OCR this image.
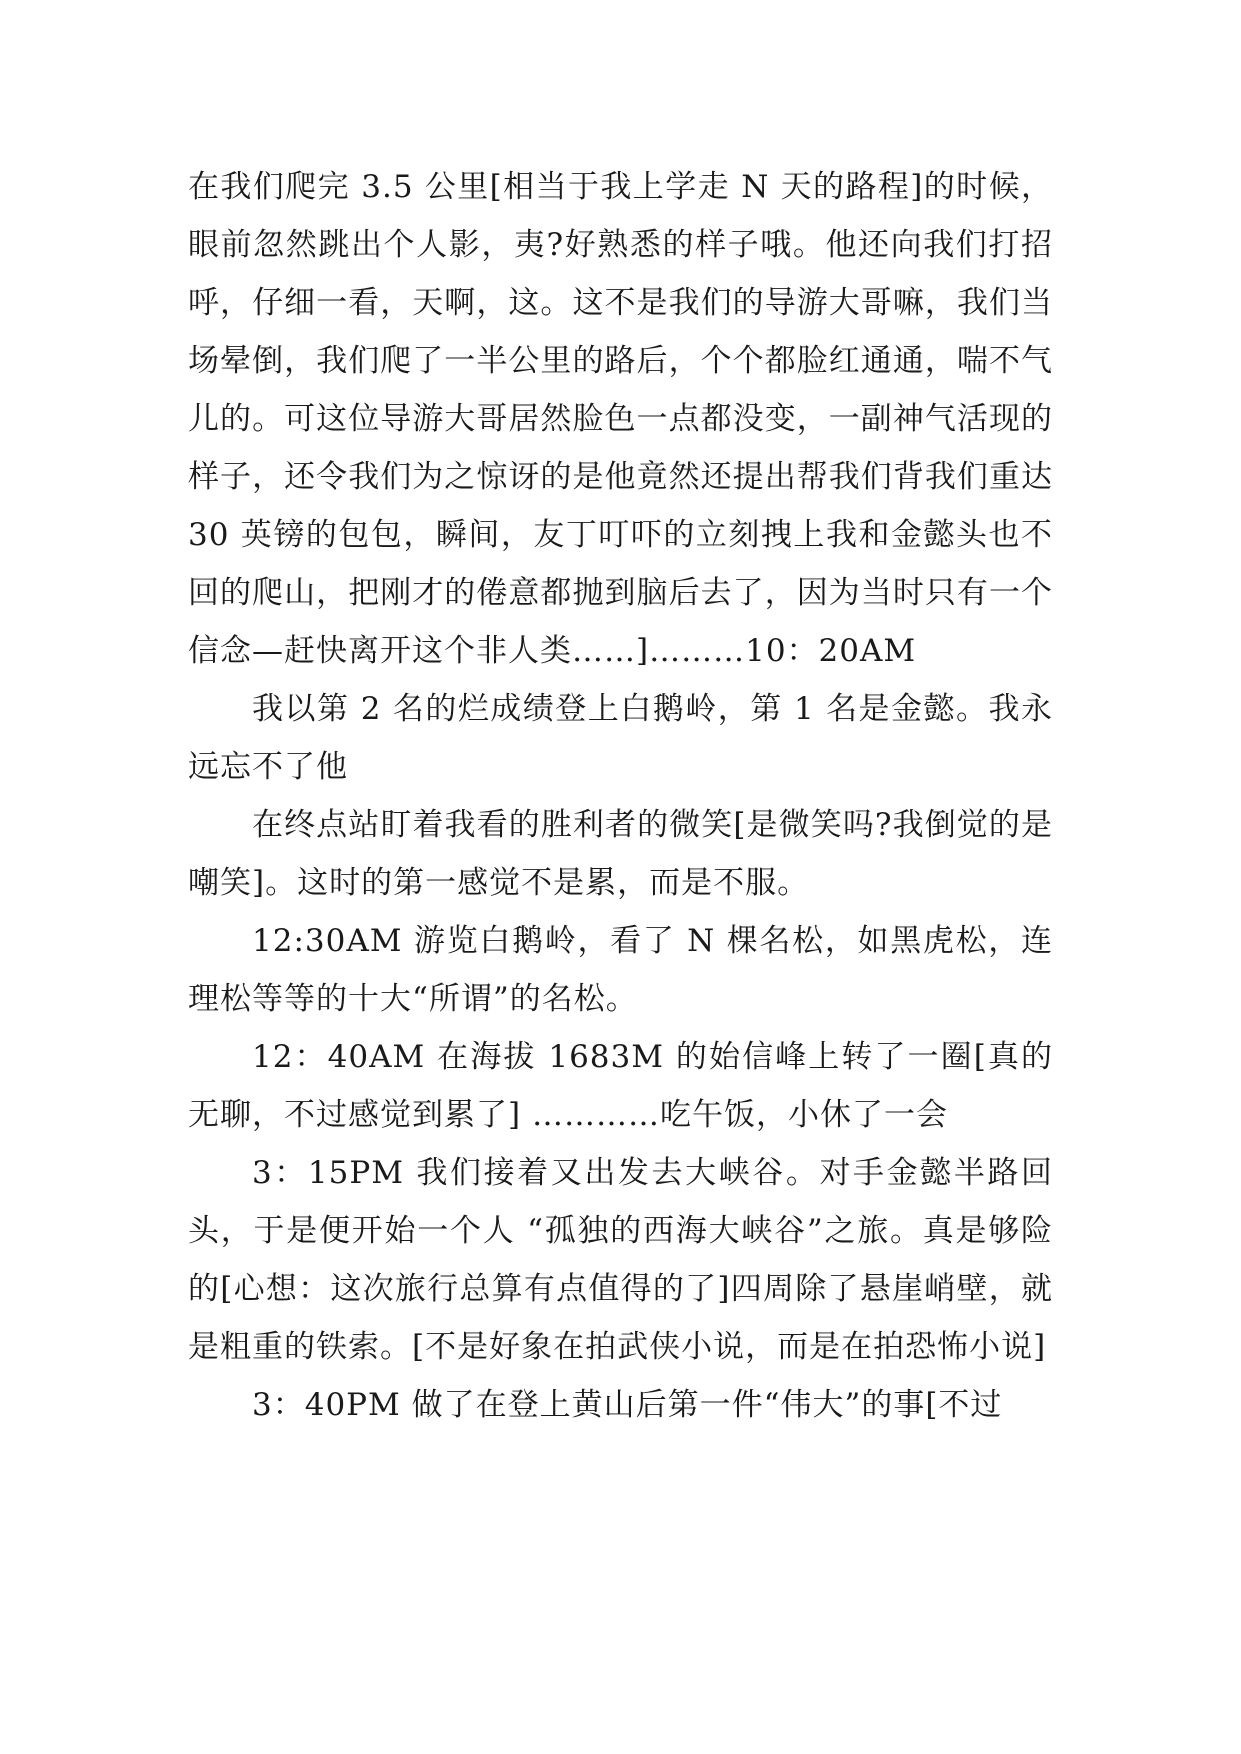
在我们爬完 3.5 公里[相当于我上学走 N 天的路程]的时候，眼前忽然跳出个人影，夷?好熟悉的样子哦。他还向我们打招呼，仔细一看，天啊，这。这不是我们的导游大哥嘛，我们当场晕倒，我们爬了一半公里的路后，个个都脸红通通，喘不气儿的。可这位导游大哥居然脸色一点都没变，一副神气活现的样子，还令我们为之惊讶的是他竟然还提出帮我们背我们重达 30 英镑的包包，瞬间，友丁叮吓的立刻拽上我和金懿头也不回的爬山，把刚才的倦意都抛到脑后去了，因为当时只有一个信念—赶快离开这个非人类……]………10：20AM

我以第 2 名的烂成绩登上白鹅岭，第 1 名是金懿。我永远忘不了他

在终点站盯着我看的胜利者的微笑[是微笑吗?我倒觉的是嘲笑]。这时的第一感觉不是累，而是不服。

12:30AM 游览白鹅岭，看了 N 棵名松，如黑虎松，连理松等等的十大“所谓”的名松。

12：40AM 在海拔 1683M 的始信峰上转了一圈[真的无聊，不过感觉到累了] …………吃午饭，小休了一会

3：15PM 我们接着又出发去大峡谷。对手金懿半路回头，于是便开始一个人 “孤独的西海大峡谷”之旅。真是够险的[心想：这次旅行总算有点值得的了]四周除了悬崖峭壁，就是粗重的铁索。[不是好象在拍武侠小说，而是在拍恐怖小说]

3：40PM 做了在登上黄山后第一件“伟大”的事[不过
